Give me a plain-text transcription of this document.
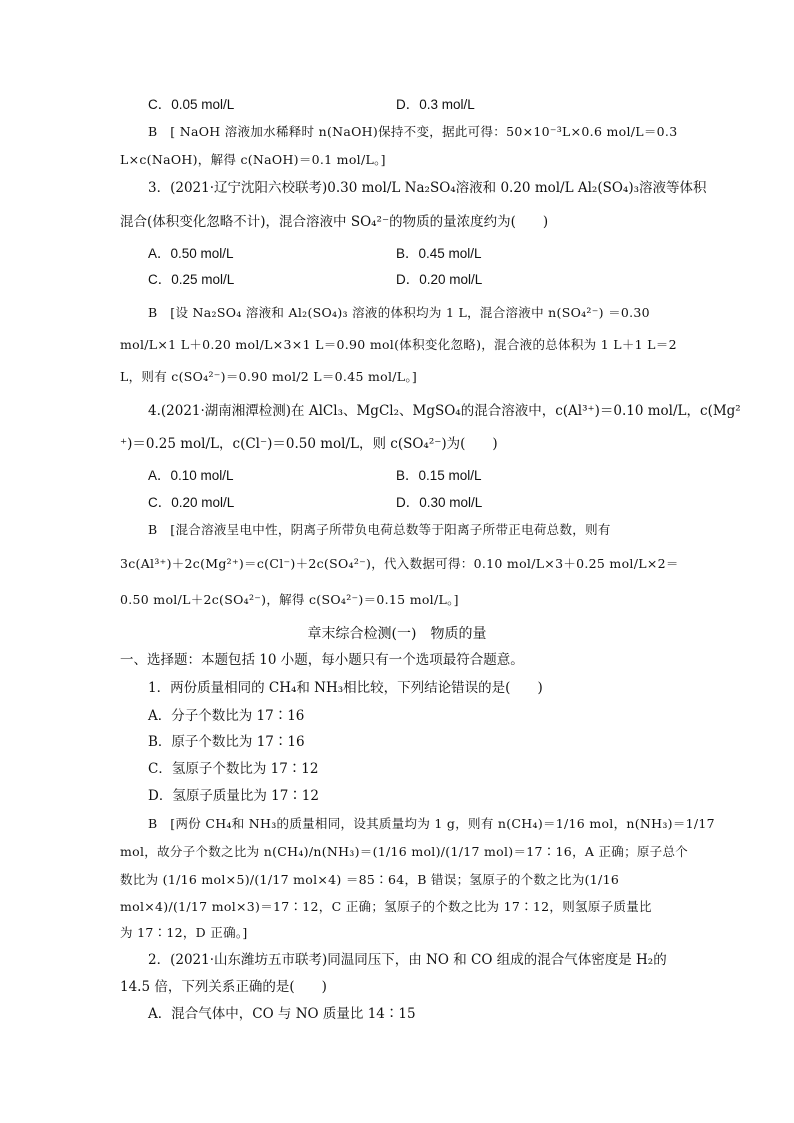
C．0.05 mol/L	D．0.3 mol/L
B　[ NaOH 溶液加水稀释时 n(NaOH)保持不变，据此可得：50×10⁻³L×0.6 mol/L＝0.3
L×c(NaOH)，解得 c(NaOH)＝0.1 mol/L。]
3．(2021·辽宁沈阳六校联考)0.30 mol/L Na₂SO₄溶液和 0.20 mol/L Al₂(SO₄)₃溶液等体积
混合(体积变化忽略不计)，混合溶液中 SO₄²⁻的物质的量浓度约为(　　)
A．0.50 mol/L	B．0.45 mol/L
C．0.25 mol/L	D．0.20 mol/L
B　[设 Na₂SO₄ 溶液和 Al₂(SO₄)₃ 溶液的体积均为 1 L，混合溶液中 n(SO₄²⁻) ＝0.30
mol/L×1 L＋0.20 mol/L×3×1 L＝0.90 mol(体积变化忽略)，混合液的总体积为 1 L＋1 L＝2
L，则有 c(SO₄²⁻)＝0.90 mol/2 L＝0.45 mol/L。]
4.(2021·湖南湘潭检测)在 AlCl₃、MgCl₂、MgSO₄的混合溶液中，c(Al³⁺)＝0.10 mol/L，c(Mg²
⁺)＝0.25 mol/L，c(Cl⁻)＝0.50 mol/L，则 c(SO₄²⁻)为(　　)
A．0.10 mol/L	B．0.15 mol/L
C．0.20 mol/L	D．0.30 mol/L
B　[混合溶液呈电中性，阴离子所带负电荷总数等于阳离子所带正电荷总数，则有
3c(Al³⁺)＋2c(Mg²⁺)＝c(Cl⁻)＋2c(SO₄²⁻)，代入数据可得：0.10 mol/L×3＋0.25 mol/L×2＝
0.50 mol/L＋2c(SO₄²⁻)，解得 c(SO₄²⁻)＝0.15 mol/L。]
章末综合检测(一)　物质的量
一、选择题：本题包括 10 小题，每小题只有一个选项最符合题意。
1．两份质量相同的 CH₄和 NH₃相比较，下列结论错误的是(　　)
A．分子个数比为 17∶16
B．原子个数比为 17∶16
C．氢原子个数比为 17∶12
D．氢原子质量比为 17∶12
B　[两份 CH₄和 NH₃的质量相同，设其质量均为 1 g，则有 n(CH₄)＝1/16 mol，n(NH₃)＝1/17
mol，故分子个数之比为 n(CH₄)/n(NH₃)＝(1/16 mol)/(1/17 mol)＝17∶16，A 正确；原子总个
数比为 (1/16 mol×5)/(1/17 mol×4) ＝85∶64，B 错误；氢原子的个数之比为(1/16
mol×4)/(1/17 mol×3)＝17∶12，C 正确；氢原子的个数之比为 17∶12，则氢原子质量比
为 17∶12，D 正确。]
2．(2021·山东潍坊五市联考)同温同压下，由 NO 和 CO 组成的混合气体密度是 H₂的
14.5 倍，下列关系正确的是(　　)
A．混合气体中，CO 与 NO 质量比 14∶15
